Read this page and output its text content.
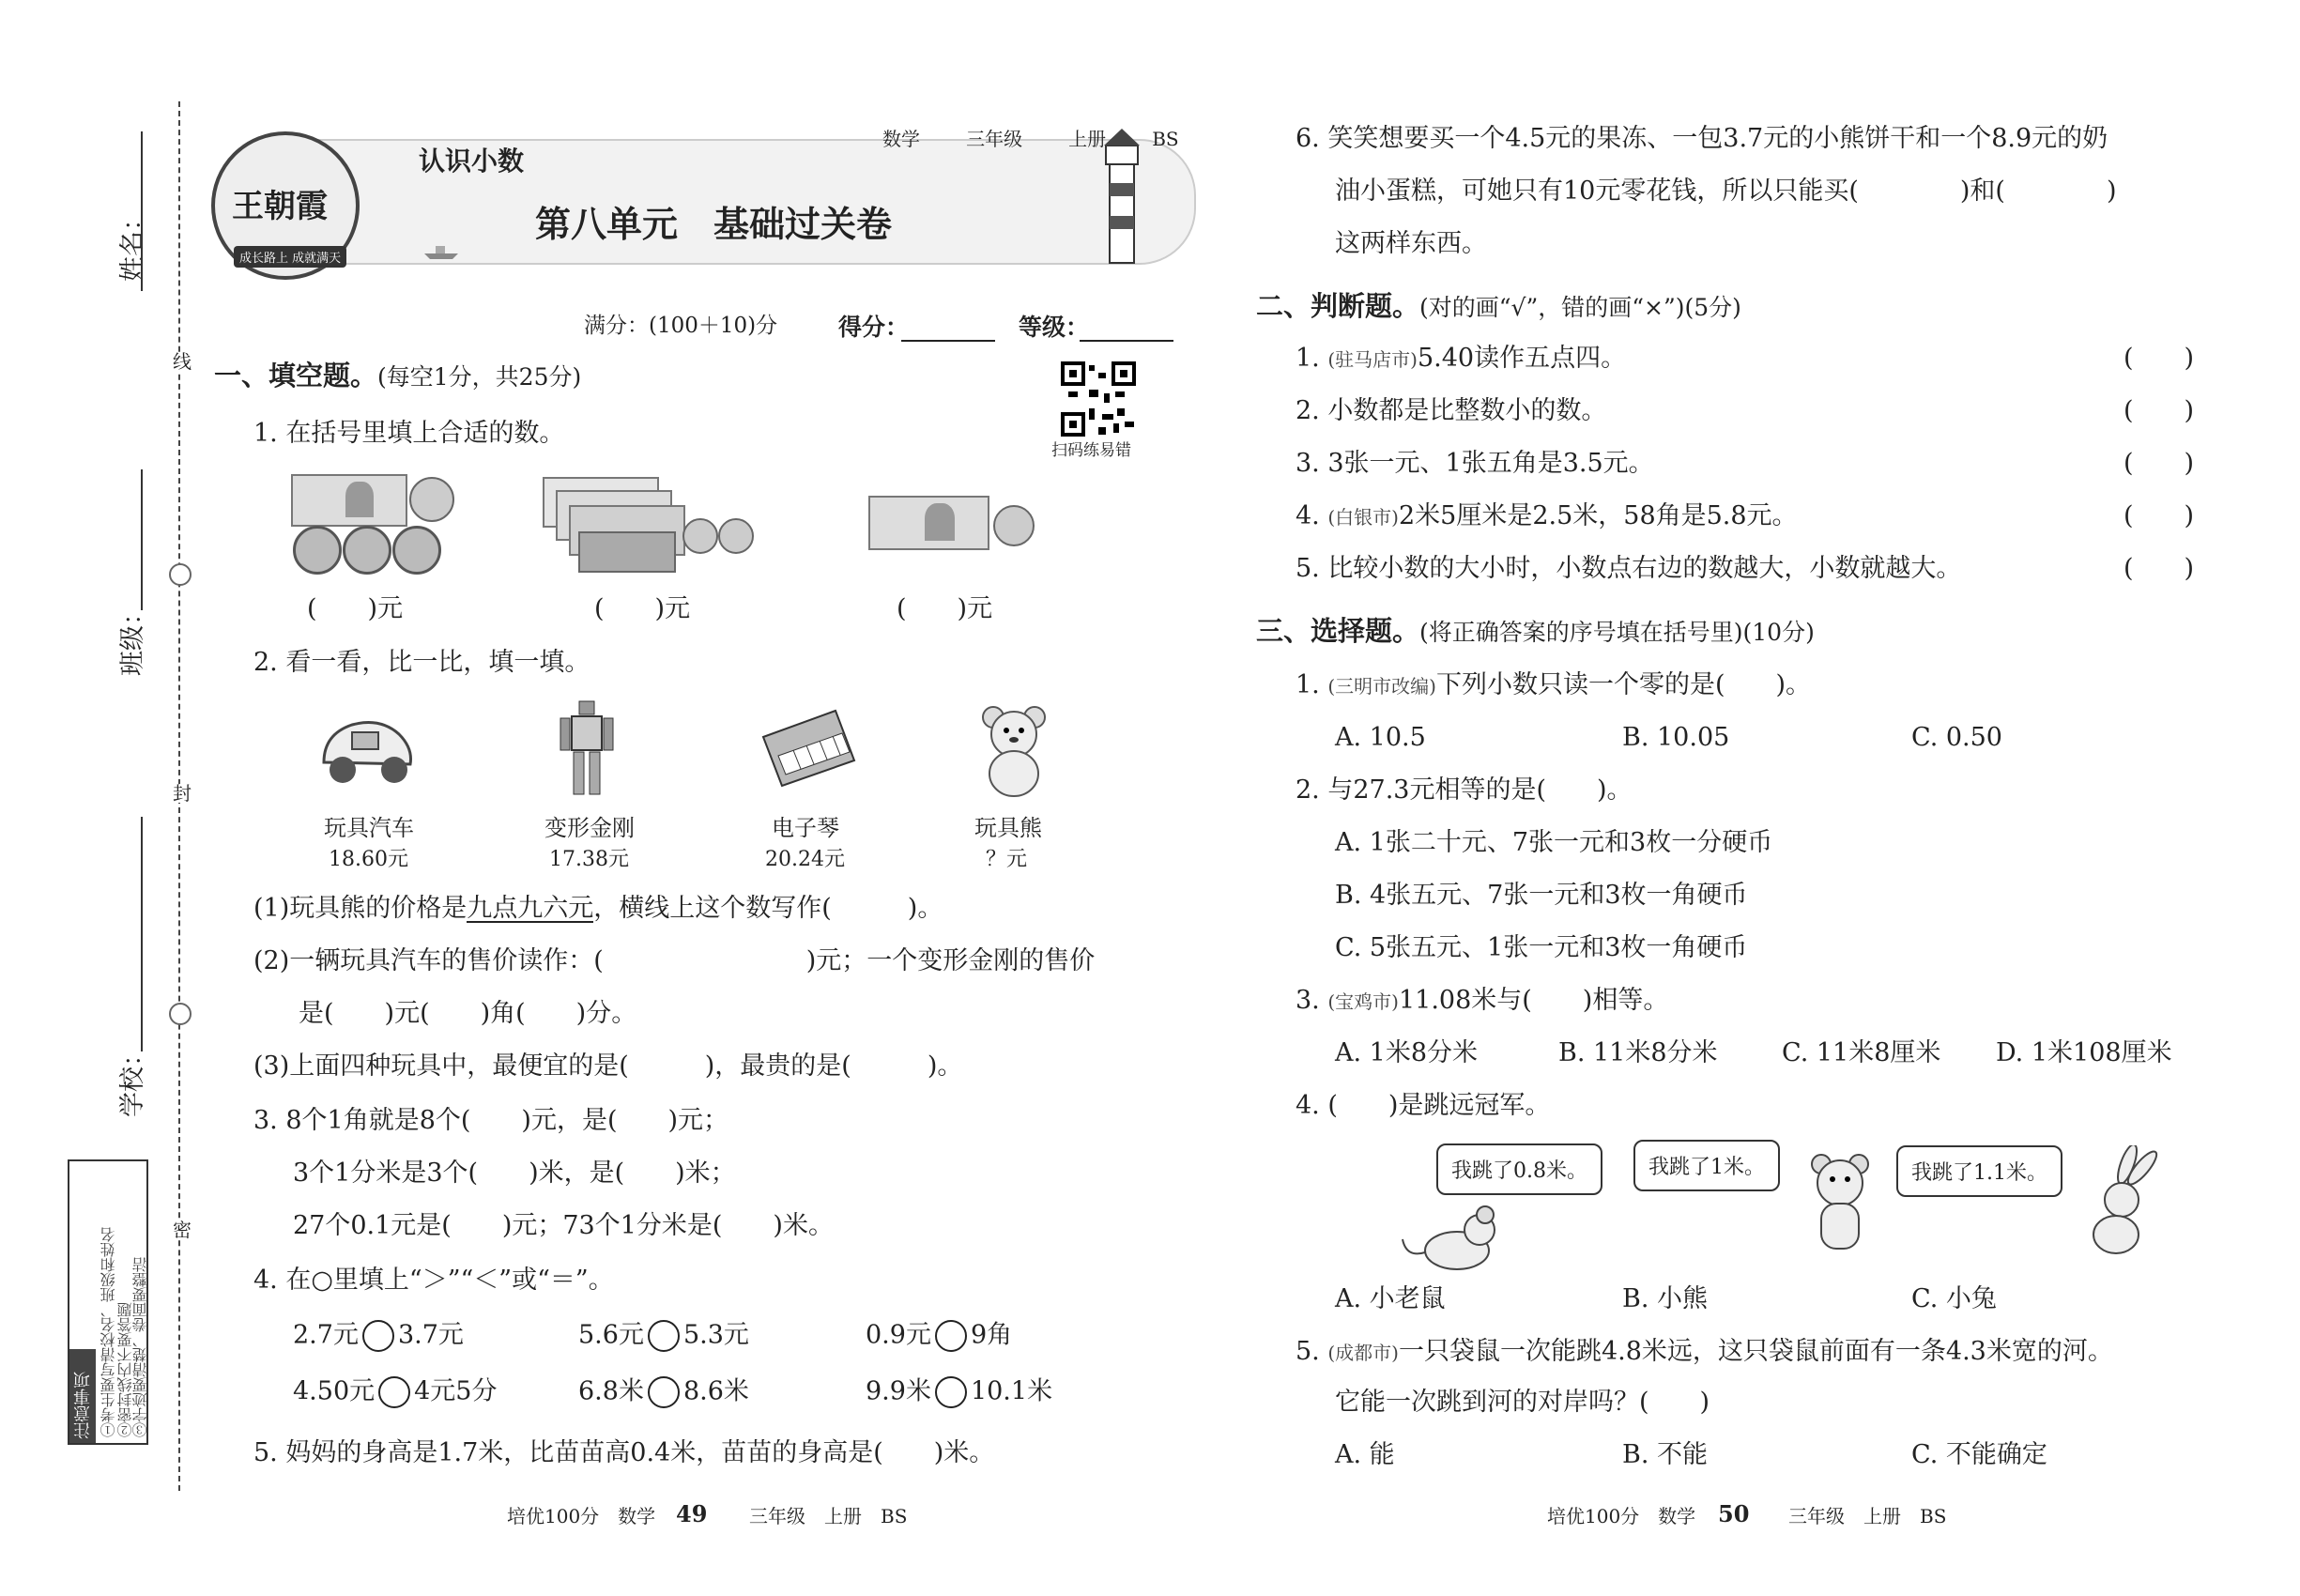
姓名：
班级：
学校：
线
封
密
注意事项 ①考生要写清校名、班级和姓名 ②密封线内不要答题
③字迹要清楚、卷面要整洁
王朝霞
成长路上 成就满天
认识小数
数学 三年级 上册 BS
第八单元　基础过关卷
满分：(100＋10)分	得分：	等级：
扫码练易错
一、填空题。(每空1分，共25分)
1. 在括号里填上合适的数。
(　　)元	(　　)元	(　　)元
2. 看一看，比一比，填一填。
玩具汽车
18.60元
变形金刚
17.38元
电子琴
20.24元
玩具熊
？元
(1)玩具熊的价格是九点九六元，横线上这个数写作(　　　)。
(2)一辆玩具汽车的售价读作：(　　　　　　　　)元；一个变形金刚的售价
是(　　)元(　　)角(　　)分。
(3)上面四种玩具中，最便宜的是(　　　)，最贵的是(　　　)。
3. 8个1角就是8个(　　)元，是(　　)元；
3个1分米是3个(　　)米，是(　　)米；
27个0.1元是(　　)元；73个1分米是(　　)米。
4. 在○里填上“＞”“＜”或“＝”。
2.7元 3.7元	5.6元 5.3元	0.9元 9角
4.50元 4元5分	6.8米 8.6米	9.9米 10.1米
5. 妈妈的身高是1.7米，比苗苗高0.4米，苗苗的身高是(　　)米。
培优100分　数学 49 三年级　上册　BS
6. 笑笑想要买一个4.5元的果冻、一包3.7元的小熊饼干和一个8.9元的奶
油小蛋糕，可她只有10元零花钱，所以只能买(　　　　)和(　　　　)
这两样东西。
二、判断题。(对的画“√”，错的画“×”)(5分)
1. (驻马店市)5.40读作五点四。	(　　)
2. 小数都是比整数小的数。	(　　)
3. 3张一元、1张五角是3.5元。	(　　)
4. (白银市)2米5厘米是2.5米，58角是5.8元。	(　　)
5. 比较小数的大小时，小数点右边的数越大，小数就越大。	(　　)
三、选择题。(将正确答案的序号填在括号里)(10分)
1. (三明市改编)下列小数只读一个零的是(　　)。
A. 10.5	B. 10.05	C. 0.50
2. 与27.3元相等的是(　　)。
A. 1张二十元、7张一元和3枚一分硬币
B. 4张五元、7张一元和3枚一角硬币
C. 5张五元、1张一元和3枚一角硬币
3. (宝鸡市)11.08米与(　　)相等。
A. 1米8分米	B. 11米8分米	C. 11米8厘米 D. 1米108厘米
4. (　　)是跳远冠军。
我跳了0.8米。	我跳了1米。	我跳了1.1米。
A. 小老鼠	B. 小熊	C. 小兔
5. (成都市)一只袋鼠一次能跳4.8米远，这只袋鼠前面有一条4.3米宽的河。
它能一次跳到河的对岸吗？(　　)
A. 能	B. 不能	C. 不能确定
培优100分　数学 50 三年级　上册　BS
